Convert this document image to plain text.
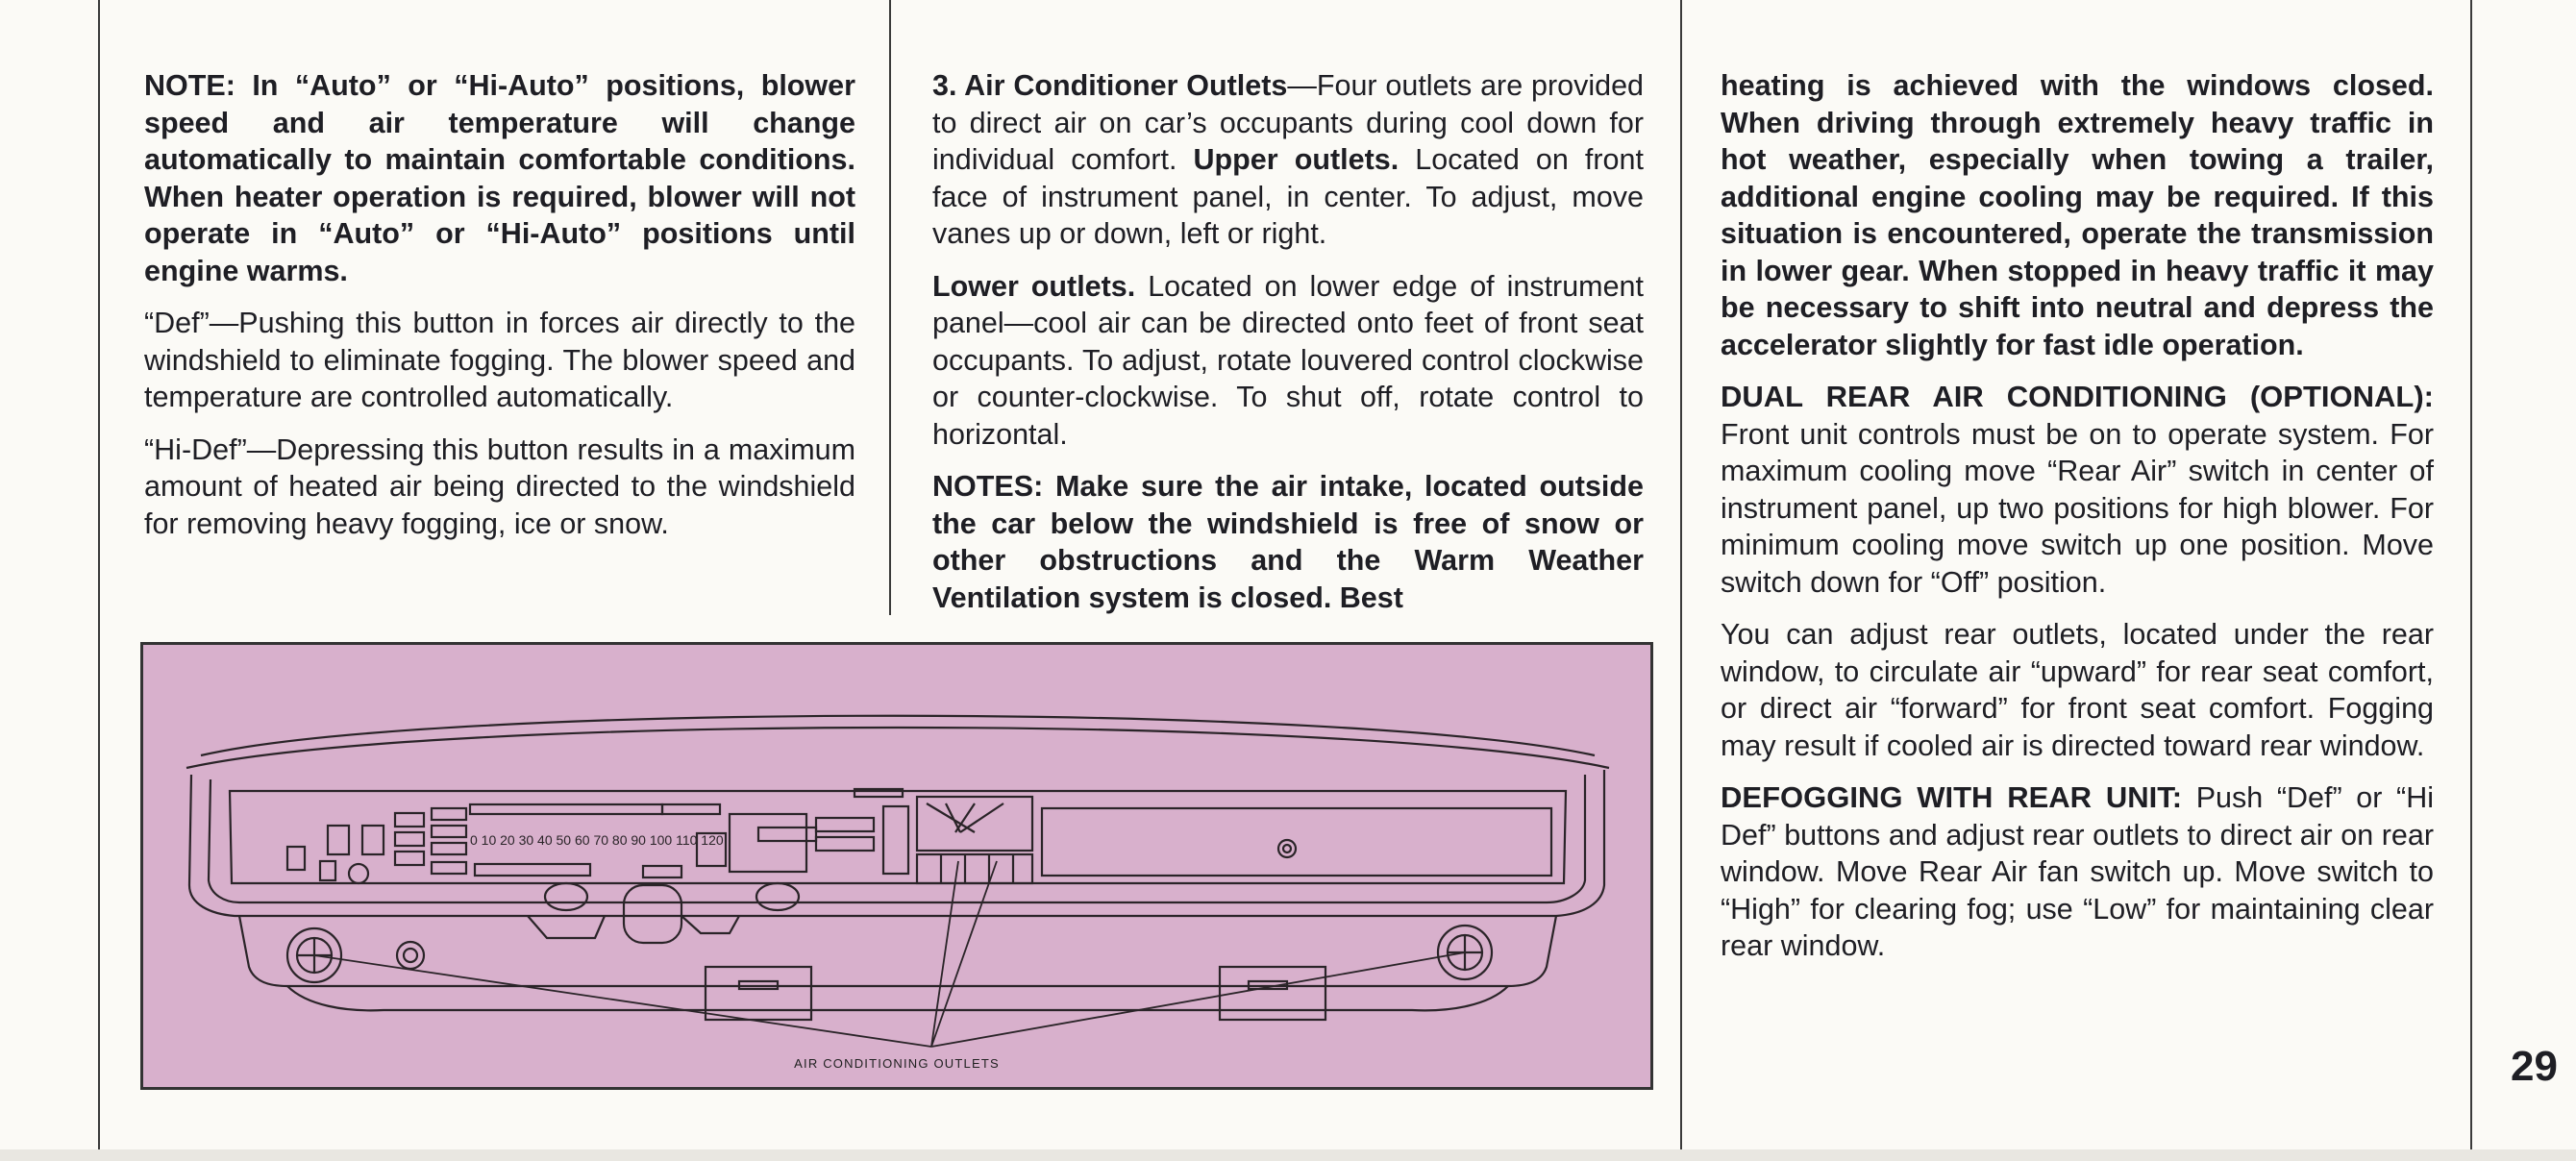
NOTE: In “Auto” or “Hi-Auto” positions, blower speed and air temperature will change automatically to maintain comfortable conditions. When heater operation is required, blower will not operate in “Auto” or “Hi-Auto” positions until engine warms.

“Def”—Pushing this button in forces air directly to the windshield to eliminate fogging. The blower speed and temperature are controlled automatically.

“Hi-Def”—Depressing this button results in a maximum amount of heated air being directed to the windshield for removing heavy fogging, ice or snow.

3. Air Conditioner Outlets—Four outlets are provided to direct air on car’s occupants during cool down for individual comfort. Upper outlets. Located on front face of instrument panel, in center. To adjust, move vanes up or down, left or right.

Lower outlets. Located on lower edge of instrument panel—cool air can be directed onto feet of front seat occupants. To adjust, rotate louvered control clockwise or counter-clockwise. To shut off, rotate control to horizontal.

NOTES: Make sure the air intake, located outside the car below the windshield is free of snow or other obstructions and the Warm Weather Ventilation system is closed. Best

heating is achieved with the windows closed. When driving through extremely heavy traffic in hot weather, especially when towing a trailer, additional engine cooling may be required. If this situation is encountered, operate the transmission in lower gear. When stopped in heavy traffic it may be necessary to shift into neutral and depress the accelerator slightly for fast idle operation.

DUAL REAR AIR CONDITIONING (OPTIONAL): Front unit controls must be on to operate system. For maximum cooling move “Rear Air” switch in center of instrument panel, up two positions for high blower. For minimum cooling move switch up one position. Move switch down for “Off” position.

You can adjust rear outlets, located under the rear window, to circulate air “upward” for rear seat comfort, or direct air “forward” for front seat comfort. Fogging may result if cooled air is directed toward rear window.

DEFOGGING WITH REAR UNIT: Push “Def” or “Hi Def” buttons and adjust rear outlets to direct air on rear window. Move Rear Air fan switch up. Move switch to “High” for clearing fog; use “Low” for maintaining clear rear window.

0 10 20 30 40 50 60 70 80 90 100 110 120
AIR CONDITIONING OUTLETS	29
